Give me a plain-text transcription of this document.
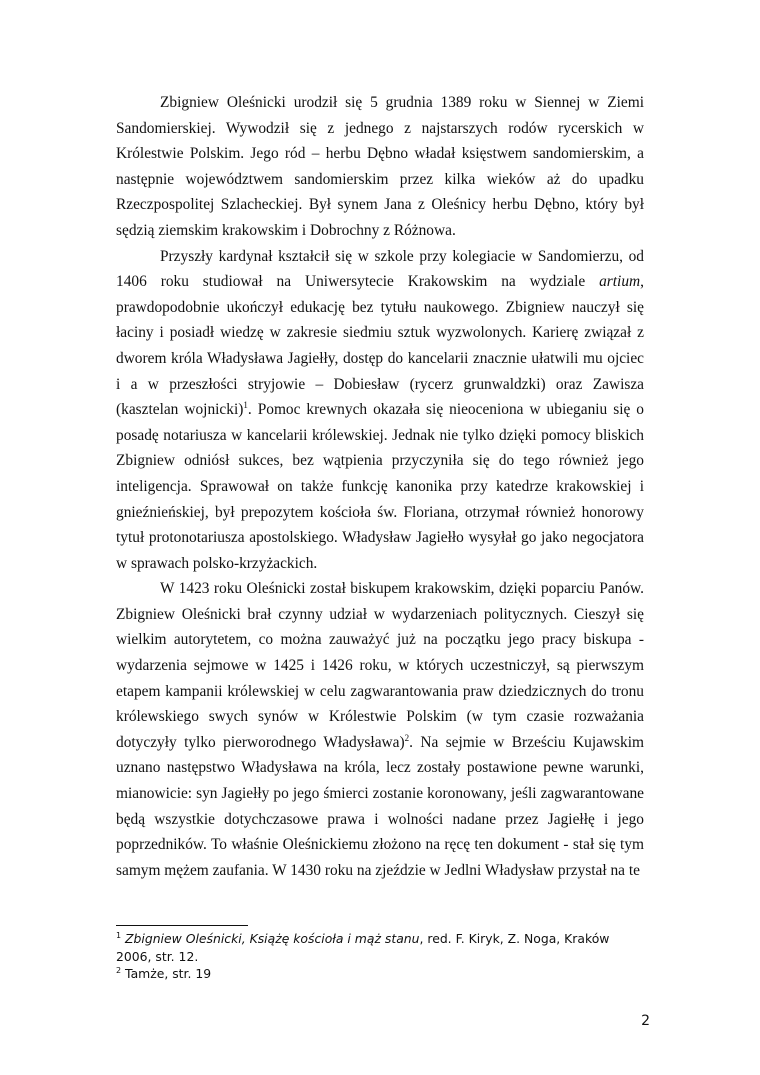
Zbigniew Oleśnicki urodził się 5 grudnia 1389 roku w Siennej w Ziemi Sandomierskiej. Wywodził się z jednego z najstarszych rodów rycerskich w Królestwie Polskim. Jego ród – herbu Dębno władał księstwem sandomierskim, a następnie województwem sandomierskim przez kilka wieków aż do upadku Rzeczpospolitej Szlacheckiej. Był synem Jana z Oleśnicy herbu Dębno, który był sędzią ziemskim krakowskim i Dobrochny z Różnowa.

Przyszły kardynał kształcił się w szkole przy kolegiacie w Sandomierzu, od 1406 roku studiował na Uniwersytecie Krakowskim na wydziale artium, prawdopodobnie ukończył edukację bez tytułu naukowego. Zbigniew nauczył się łaciny i posiadł wiedzę w zakresie siedmiu sztuk wyzwolonych. Karierę związał z dworem króla Władysława Jagiełły, dostęp do kancelarii znacznie ułatwili mu ojciec i a w przeszłości stryjowie – Dobiesław (rycerz grunwaldzki) oraz Zawisza (kasztelan wojnicki)$^1$. Pomoc krewnych okazała się nieoceniona w ubieganiu się o posadę notariusza w kancelarii królewskiej. Jednak nie tylko dzięki pomocy bliskich Zbigniew odniósł sukces, bez wątpienia przyczyniła się do tego również jego inteligencja. Sprawował on także funkcję kanonika przy katedrze krakowskiej i gnieźnieńskiej, był prepozytem kościoła św. Floriana, otrzymał również honorowy tytuł protonotariusza apostolskiego. Władysław Jagiełło wysyłał go jako negocjatora w sprawach polsko-krzyżackich.

W 1423 roku Oleśnicki został biskupem krakowskim, dzięki poparciu Panów. Zbigniew Oleśnicki brał czynny udział w wydarzeniach politycznych. Cieszył się wielkim autorytetem, co można zauważyć już na początku jego pracy biskupa - wydarzenia sejmowe w 1425 i 1426 roku, w których uczestniczył, są pierwszym etapem kampanii królewskiej w celu zagwarantowania praw dziedzicznych do tronu królewskiego swych synów w Królestwie Polskim (w tym czasie rozważania dotyczyły tylko pierworodnego Władysława)$^2$. Na sejmie w Brześciu Kujawskim uznano następstwo Władysława na króla, lecz zostały postawione pewne warunki, mianowicie: syn Jagiełły po jego śmierci zostanie koronowany, jeśli zagwarantowane będą wszystkie dotychczasowe prawa i wolności nadane przez Jagiełłę i jego poprzedników. To właśnie Oleśnickiemu złożono na ręcę ten dokument - stał się tym samym mężem zaufania. W 1430 roku na zjeździe w Jedlni Władysław przystał na te

$^1$ Zbigniew Oleśnicki, Książę kościoła i mąż stanu, red. F. Kiryk, Z. Noga, Kraków 2006, str. 12.

$^2$ Tamże, str. 19

2
